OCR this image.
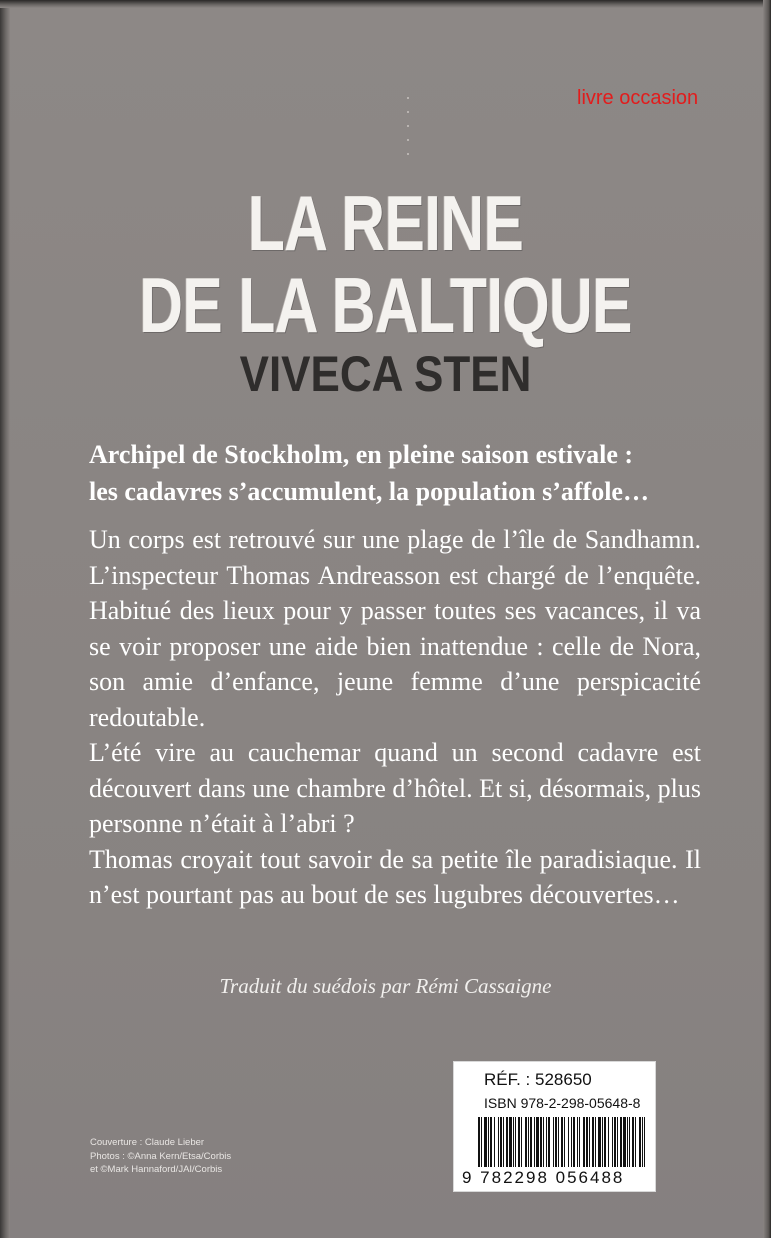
livre occasion
LA REINE
DE LA BALTIQUE
VIVECA STEN

Archipel de Stockholm, en pleine saison estivale :

les cadavres s’accumulent, la population s’affole…

Un corps est retrouvé sur une plage de l’île de Sandhamn. L’inspecteur Thomas Andreasson est chargé de l’enquête. Habitué des lieux pour y passer toutes ses vacances, il va se voir proposer une aide bien inattendue : celle de Nora, son amie d’enfance, jeune femme d’une perspicacité redoutable.

L’été vire au cauchemar quand un second cadavre est découvert dans une chambre d’hôtel. Et si, désormais, plus personne n’était à l’abri ?

Thomas croyait tout savoir de sa petite île paradisiaque. Il n’est pourtant pas au bout de ses lugubres découvertes…

Traduit du suédois par Rémi Cassaigne
Couverture : Claude Lieber
Photos : ©Anna Kern/Etsa/Corbis
et ©Mark Hannaford/JAI/Corbis
RÉF. : 528650
ISBN 978-2-298-05648-8
9 782298 056488
